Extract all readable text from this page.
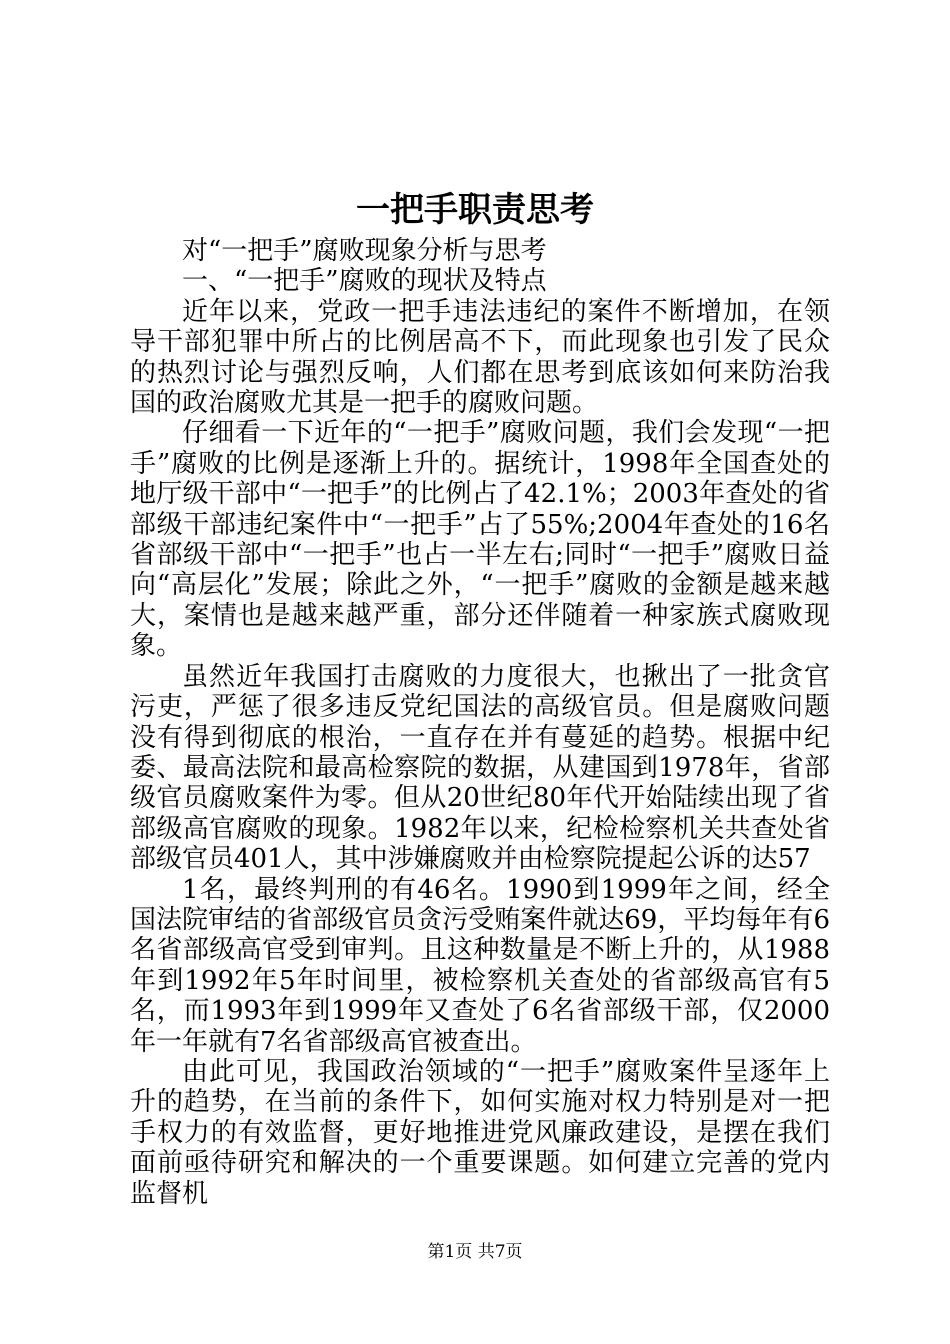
一把手职责思考

对“一把手”腐败现象分析与思考

一、“一把手”腐败的现状及特点

近年以来，党政一把手违法违纪的案件不断增加，在领导干部犯罪中所占的比例居高不下，而此现象也引发了民众的热烈讨论与强烈反响，人们都在思考到底该如何来防治我国的政治腐败尤其是一把手的腐败问题。

仔细看一下近年的“一把手”腐败问题，我们会发现“一把手”腐败的比例是逐渐上升的。据统计，1998年全国查处的地厅级干部中“一把手”的比例占了42.1%；2003年查处的省部级干部违纪案件中“一把手”占了55%;2004年查处的16名省部级干部中“一把手”也占一半左右;同时“一把手”腐败日益向“高层化”发展；除此之外，“一把手”腐败的金额是越来越大，案情也是越来越严重，部分还伴随着一种家族式腐败现象。

虽然近年我国打击腐败的力度很大，也揪出了一批贪官污吏，严惩了很多违反党纪国法的高级官员。但是腐败问题没有得到彻底的根治，一直存在并有蔓延的趋势。根据中纪委、最高法院和最高检察院的数据，从建国到1978年，省部级官员腐败案件为零。但从20世纪80年代开始陆续出现了省部级高官腐败的现象。1982年以来，纪检检察机关共查处省部级官员401人，其中涉嫌腐败并由检察院提起公诉的达57

1名，最终判刑的有46名。1990到1999年之间，经全国法院审结的省部级官员贪污受贿案件就达69，平均每年有6名省部级高官受到审判。且这种数量是不断上升的，从1988年到1992年5年时间里，被检察机关查处的省部级高官有5名，而1993年到1999年又查处了6名省部级干部，仅2000年一年就有7名省部级高官被查出。

由此可见，我国政治领域的“一把手”腐败案件呈逐年上升的趋势，在当前的条件下，如何实施对权力特别是对一把手权力的有效监督，更好地推进党风廉政建设，是摆在我们面前亟待研究和解决的一个重要课题。如何建立完善的党内监督机

第1页 共7页
